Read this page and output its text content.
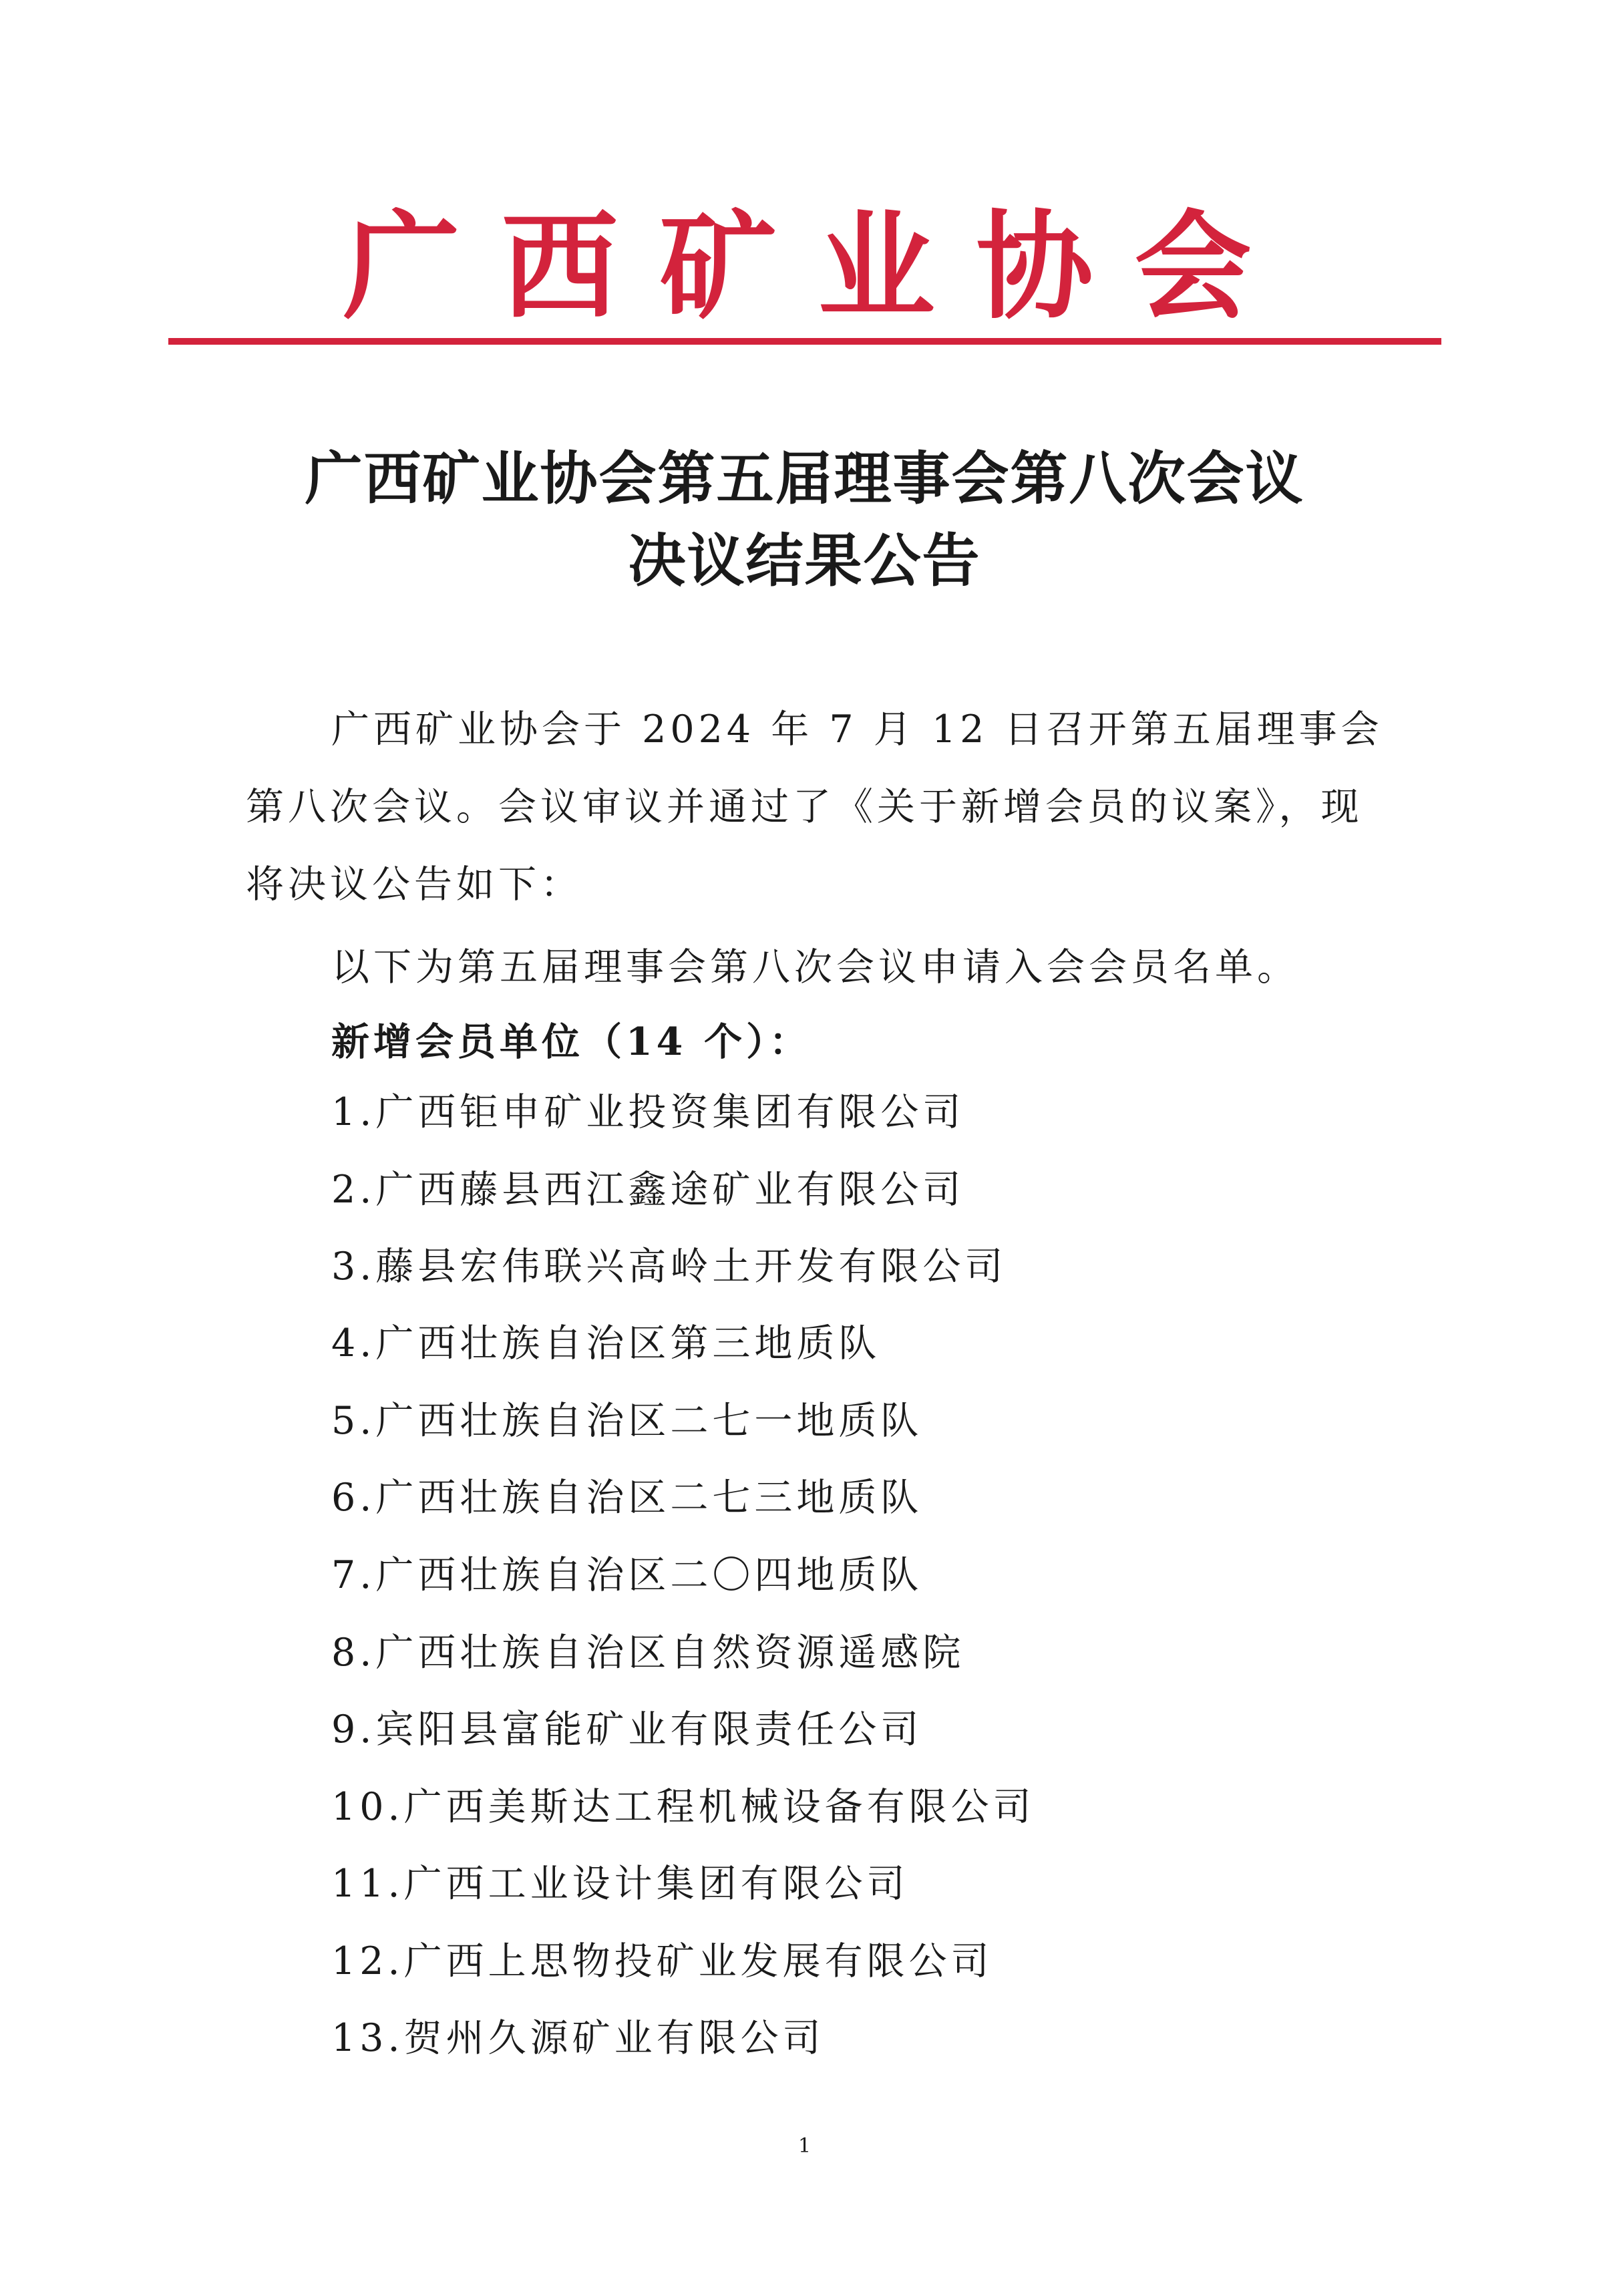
广西矿业协会
广西矿业协会第五届理事会第八次会议
决议结果公告
广西矿业协会于 2024 年 7 月 12 日召开第五届理事会第八次会议。会议审议并通过了《关于新增会员的议案》，现将决议公告如下：
以下为第五届理事会第八次会议申请入会会员名单。
新增会员单位（14 个）：
1.广西钜申矿业投资集团有限公司
2.广西藤县西江鑫途矿业有限公司
3.藤县宏伟联兴高岭土开发有限公司
4.广西壮族自治区第三地质队
5.广西壮族自治区二七一地质队
6.广西壮族自治区二七三地质队
7.广西壮族自治区二〇四地质队
8.广西壮族自治区自然资源遥感院
9.宾阳县富能矿业有限责任公司
10.广西美斯达工程机械设备有限公司
11.广西工业设计集团有限公司
12.广西上思物投矿业发展有限公司
13.贺州久源矿业有限公司
1
